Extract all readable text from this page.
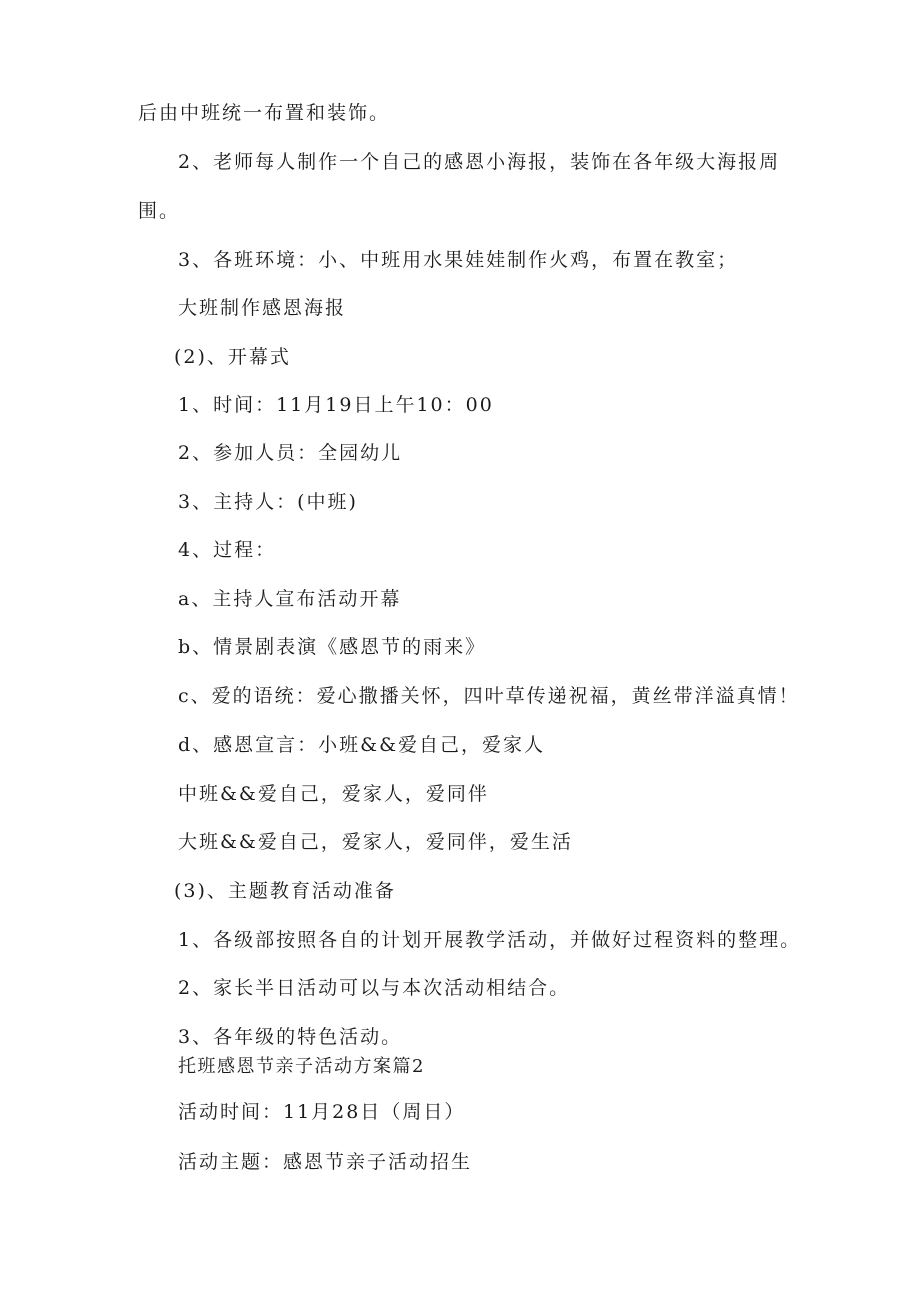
后由中班统一布置和装饰。
2、老师每人制作一个自己的感恩小海报，装饰在各年级大海报周
围。
3、各班环境：小、中班用水果娃娃制作火鸡，布置在教室；
大班制作感恩海报
(2)、开幕式
1、时间：11月19日上午10：00
2、参加人员：全园幼儿
3、主持人：(中班)
4、过程：
a、主持人宣布活动开幕
b、情景剧表演《感恩节的雨来》
c、爱的语统：爱心撒播关怀，四叶草传递祝福，黄丝带洋溢真情！
d、感恩宣言：小班&&爱自己，爱家人
中班&&爱自己，爱家人，爱同伴
大班&&爱自己，爱家人，爱同伴，爱生活
(3)、主题教育活动准备
1、各级部按照各自的计划开展教学活动，并做好过程资料的整理。
2、家长半日活动可以与本次活动相结合。
3、各年级的特色活动。
托班感恩节亲子活动方案篇2
活动时间：11月28日（周日）
活动主题：感恩节亲子活动招生
